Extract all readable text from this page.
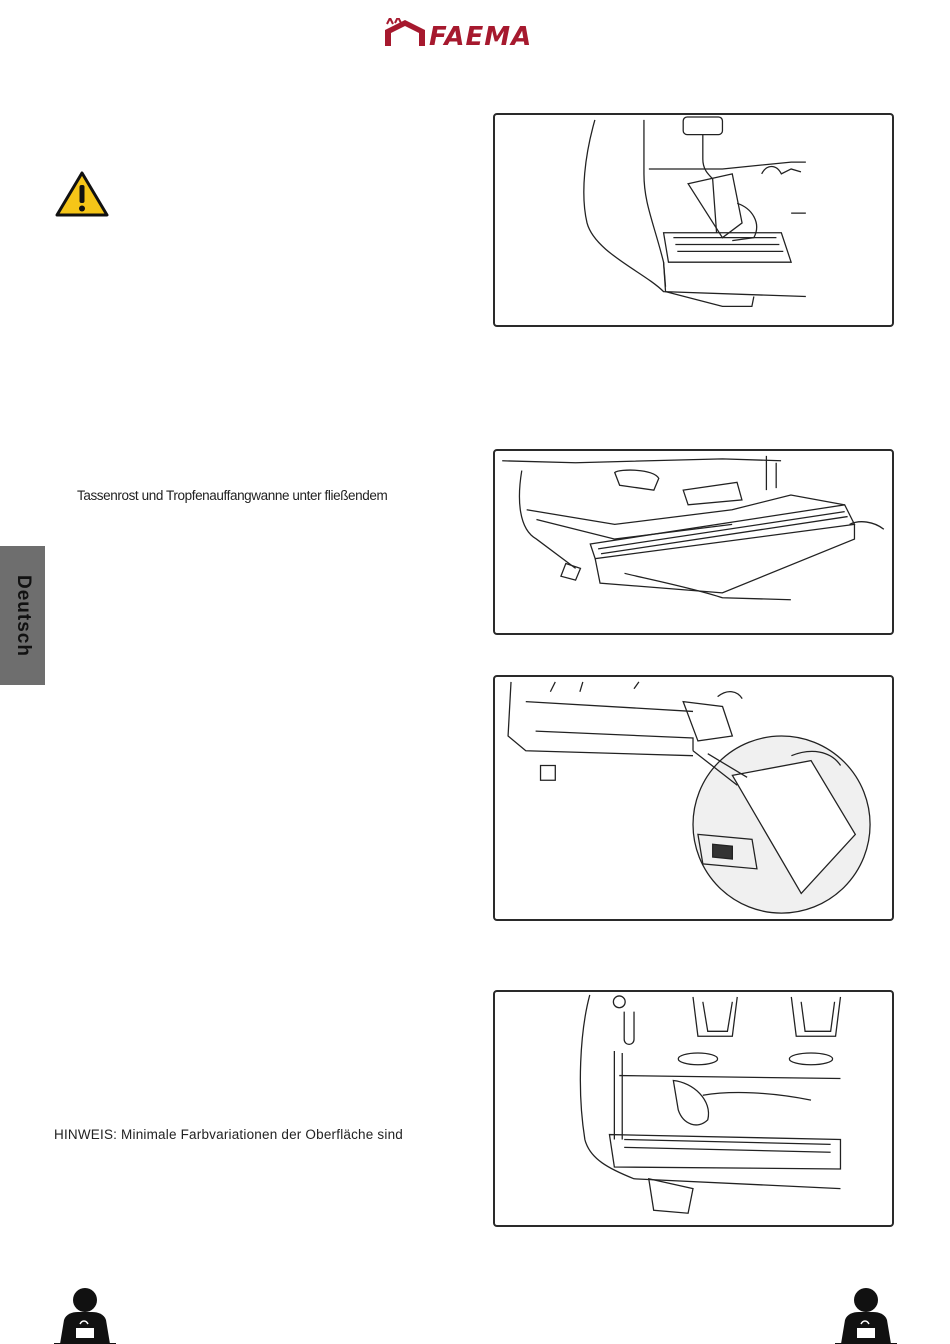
FAEMA
Tassenrost und Tropfenauffangwanne unter fließendem
Deutsch
HINWEIS: Minimale Farbvariationen der Oberfläche sind
